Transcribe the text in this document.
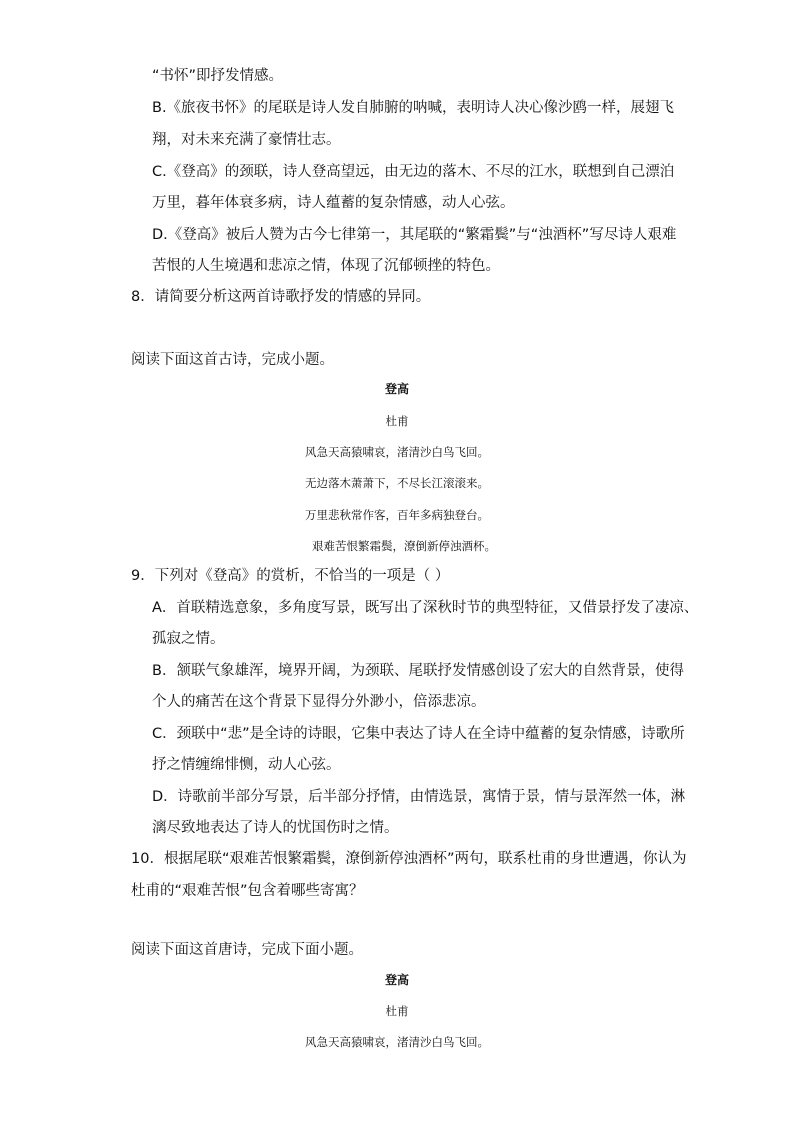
“书怀”即抒发情感。
B.《旅夜书怀》的尾联是诗人发自肺腑的呐喊，表明诗人决心像沙鸥一样，展翅飞
翔，对未来充满了豪情壮志。
C.《登高》的颈联，诗人登高望远，由无边的落木、不尽的江水，联想到自己漂泊
万里，暮年体衰多病，诗人蕴蓄的复杂情感，动人心弦。
D.《登高》被后人赞为古今七律第一，其尾联的“繁霜鬓”与“浊酒杯”写尽诗人艰难
苦恨的人生境遇和悲凉之情，体现了沉郁顿挫的特色。
8．请简要分析这两首诗歌抒发的情感的异同。
阅读下面这首古诗，完成小题。
登高
杜甫
风急天高猿啸哀，渚清沙白鸟飞回。
无边落木萧萧下，不尽长江滚滚来。
万里悲秋常作客，百年多病独登台。
艰难苦恨繁霜鬓，潦倒新停浊酒杯。
9．下列对《登高》的赏析，不恰当的一项是（ ）
A．首联精选意象，多角度写景，既写出了深秋时节的典型特征，又借景抒发了凄凉、
孤寂之情。
B．颔联气象雄浑，境界开阔，为颈联、尾联抒发情感创设了宏大的自然背景，使得
个人的痛苦在这个背景下显得分外渺小，倍添悲凉。
C．颈联中“悲”是全诗的诗眼，它集中表达了诗人在全诗中蕴蓄的复杂情感，诗歌所
抒之情缠绵悱恻，动人心弦。
D．诗歌前半部分写景，后半部分抒情，由情选景，寓情于景，情与景浑然一体，淋
漓尽致地表达了诗人的忧国伤时之情。
10．根据尾联“艰难苦恨繁霜鬓，潦倒新停浊酒杯”两句，联系杜甫的身世遭遇，你认为
杜甫的“艰难苦恨”包含着哪些寄寓？
阅读下面这首唐诗，完成下面小题。
登高
杜甫
风急天高猿啸哀，渚清沙白鸟飞回。
